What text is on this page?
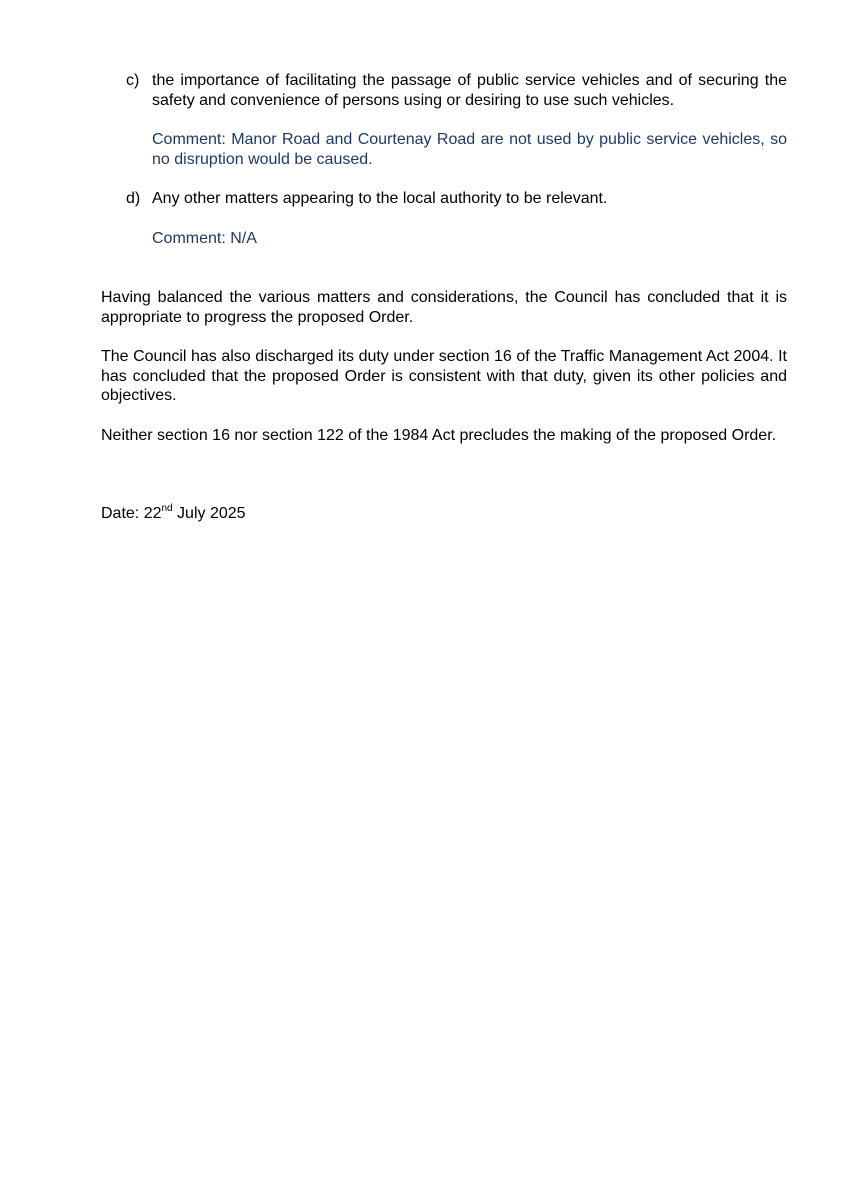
c) the importance of facilitating the passage of public service vehicles and of securing the safety and convenience of persons using or desiring to use such vehicles.
Comment: Manor Road and Courtenay Road are not used by public service vehicles, so no disruption would be caused.
d) Any other matters appearing to the local authority to be relevant.
Comment: N/A
Having balanced the various matters and considerations, the Council has concluded that it is appropriate to progress the proposed Order.
The Council has also discharged its duty under section 16 of the Traffic Management Act 2004. It has concluded that the proposed Order is consistent with that duty, given its other policies and objectives.
Neither section 16 nor section 122 of the 1984 Act precludes the making of the proposed Order.
Date: 22nd July 2025
